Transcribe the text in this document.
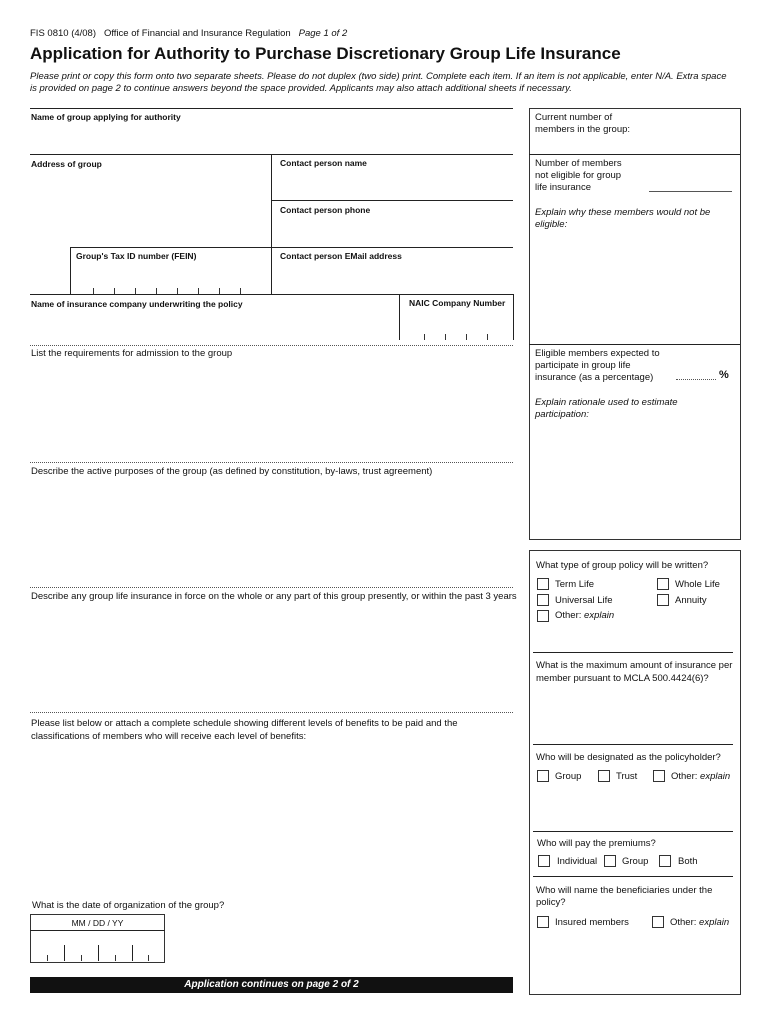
FIS 0810 (4/08) Office of Financial and Insurance Regulation Page 1 of 2
Application for Authority to Purchase Discretionary Group Life Insurance
Please print or copy this form onto two separate sheets. Please do not duplex (two side) print. Complete each item. If an item is not applicable, enter N/A. Extra space is provided on page 2 to continue answers beyond the space provided. Applicants may also attach additional sheets if necessary.
Name of group applying for authority
Address of group	Contact person name
Contact person phone
Group's Tax ID number (FEIN)	Contact person EMail address
Name of insurance company underwriting the policy	NAIC Company Number
List the requirements for admission to the group
Describe the active purposes of the group (as defined by constitution, by-laws, trust agreement)
Describe any group life insurance in force on the whole or any part of this group presently, or within the past 3 years
Please list below or attach a complete schedule showing different levels of benefits to be paid and the classifications of members who will receive each level of benefits:
What is the date of organization of the group?
MM / DD / YY
Application continues on page 2 of 2
Current number of members in the group:
Number of members not eligible for group life insurance
Explain why these members would not be eligible:
Eligible members expected to participate in group life insurance (as a percentage)	%
Explain rationale used to estimate participation:
What type of group policy will be written?
Term Life	Whole Life
Universal Life	Annuity
Other: explain
What is the maximum amount of insurance per member pursuant to MCLA 500.4424(6)?
Who will be designated as the policyholder?
Group	Trust	Other: explain
Who will pay the premiums?
Individual	Group	Both
Who will name the beneficiaries under the policy?
Insured members	Other: explain
